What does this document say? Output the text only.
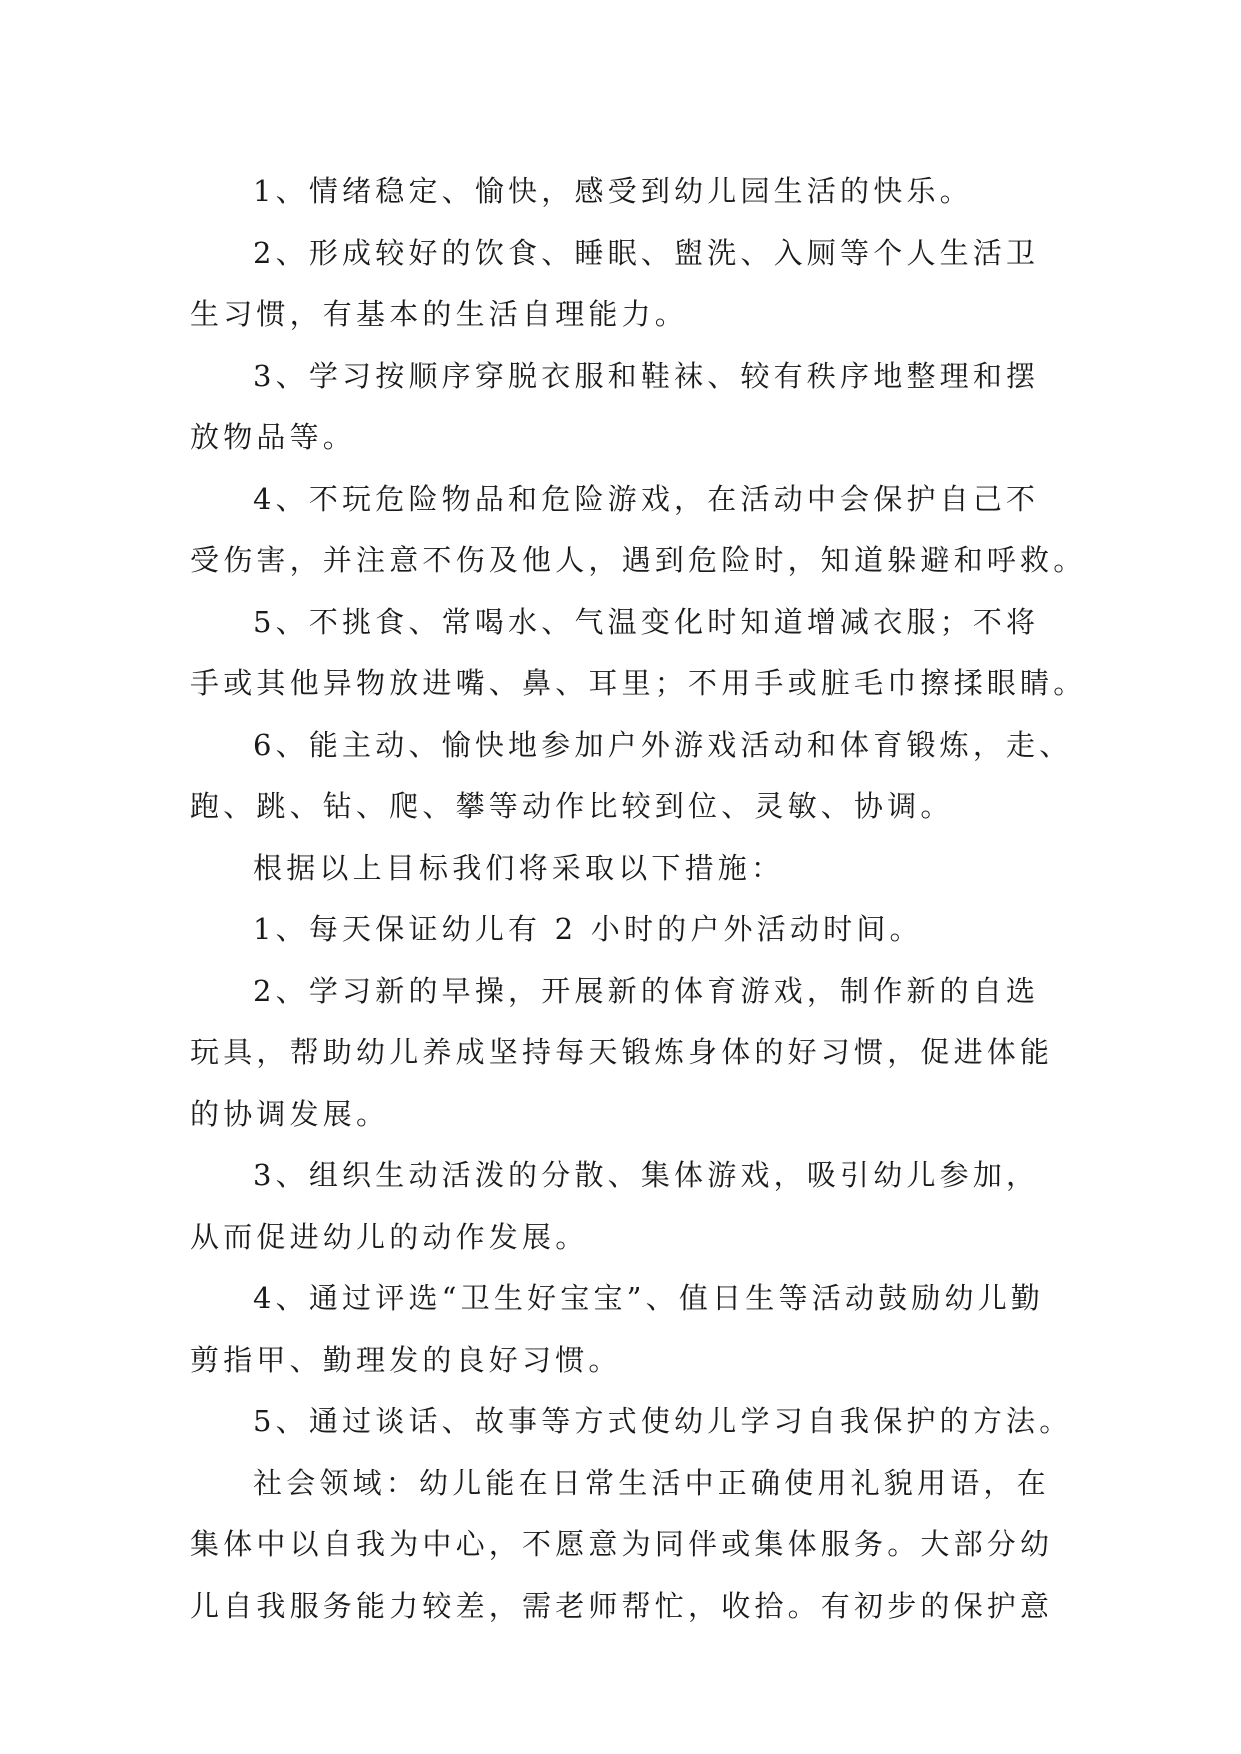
1、情绪稳定、愉快，感受到幼儿园生活的快乐。
2、形成较好的饮食、睡眠、盥洗、入厕等个人生活卫
生习惯，有基本的生活自理能力。
3、学习按顺序穿脱衣服和鞋袜、较有秩序地整理和摆
放物品等。
4、不玩危险物品和危险游戏，在活动中会保护自己不
受伤害，并注意不伤及他人，遇到危险时，知道躲避和呼救。
5、不挑食、常喝水、气温变化时知道增减衣服；不将
手或其他异物放进嘴、鼻、耳里；不用手或脏毛巾擦揉眼睛。
6、能主动、愉快地参加户外游戏活动和体育锻炼，走、
跑、跳、钻、爬、攀等动作比较到位、灵敏、协调。
根据以上目标我们将采取以下措施：
1、每天保证幼儿有 2 小时的户外活动时间。
2、学习新的早操，开展新的体育游戏，制作新的自选
玩具，帮助幼儿养成坚持每天锻炼身体的好习惯，促进体能
的协调发展。
3、组织生动活泼的分散、集体游戏，吸引幼儿参加，
从而促进幼儿的动作发展。
4、通过评选“卫生好宝宝”、值日生等活动鼓励幼儿勤
剪指甲、勤理发的良好习惯。
5、通过谈话、故事等方式使幼儿学习自我保护的方法。
社会领域：幼儿能在日常生活中正确使用礼貌用语，在
集体中以自我为中心，不愿意为同伴或集体服务。大部分幼
儿自我服务能力较差，需老师帮忙，收拾。有初步的保护意
